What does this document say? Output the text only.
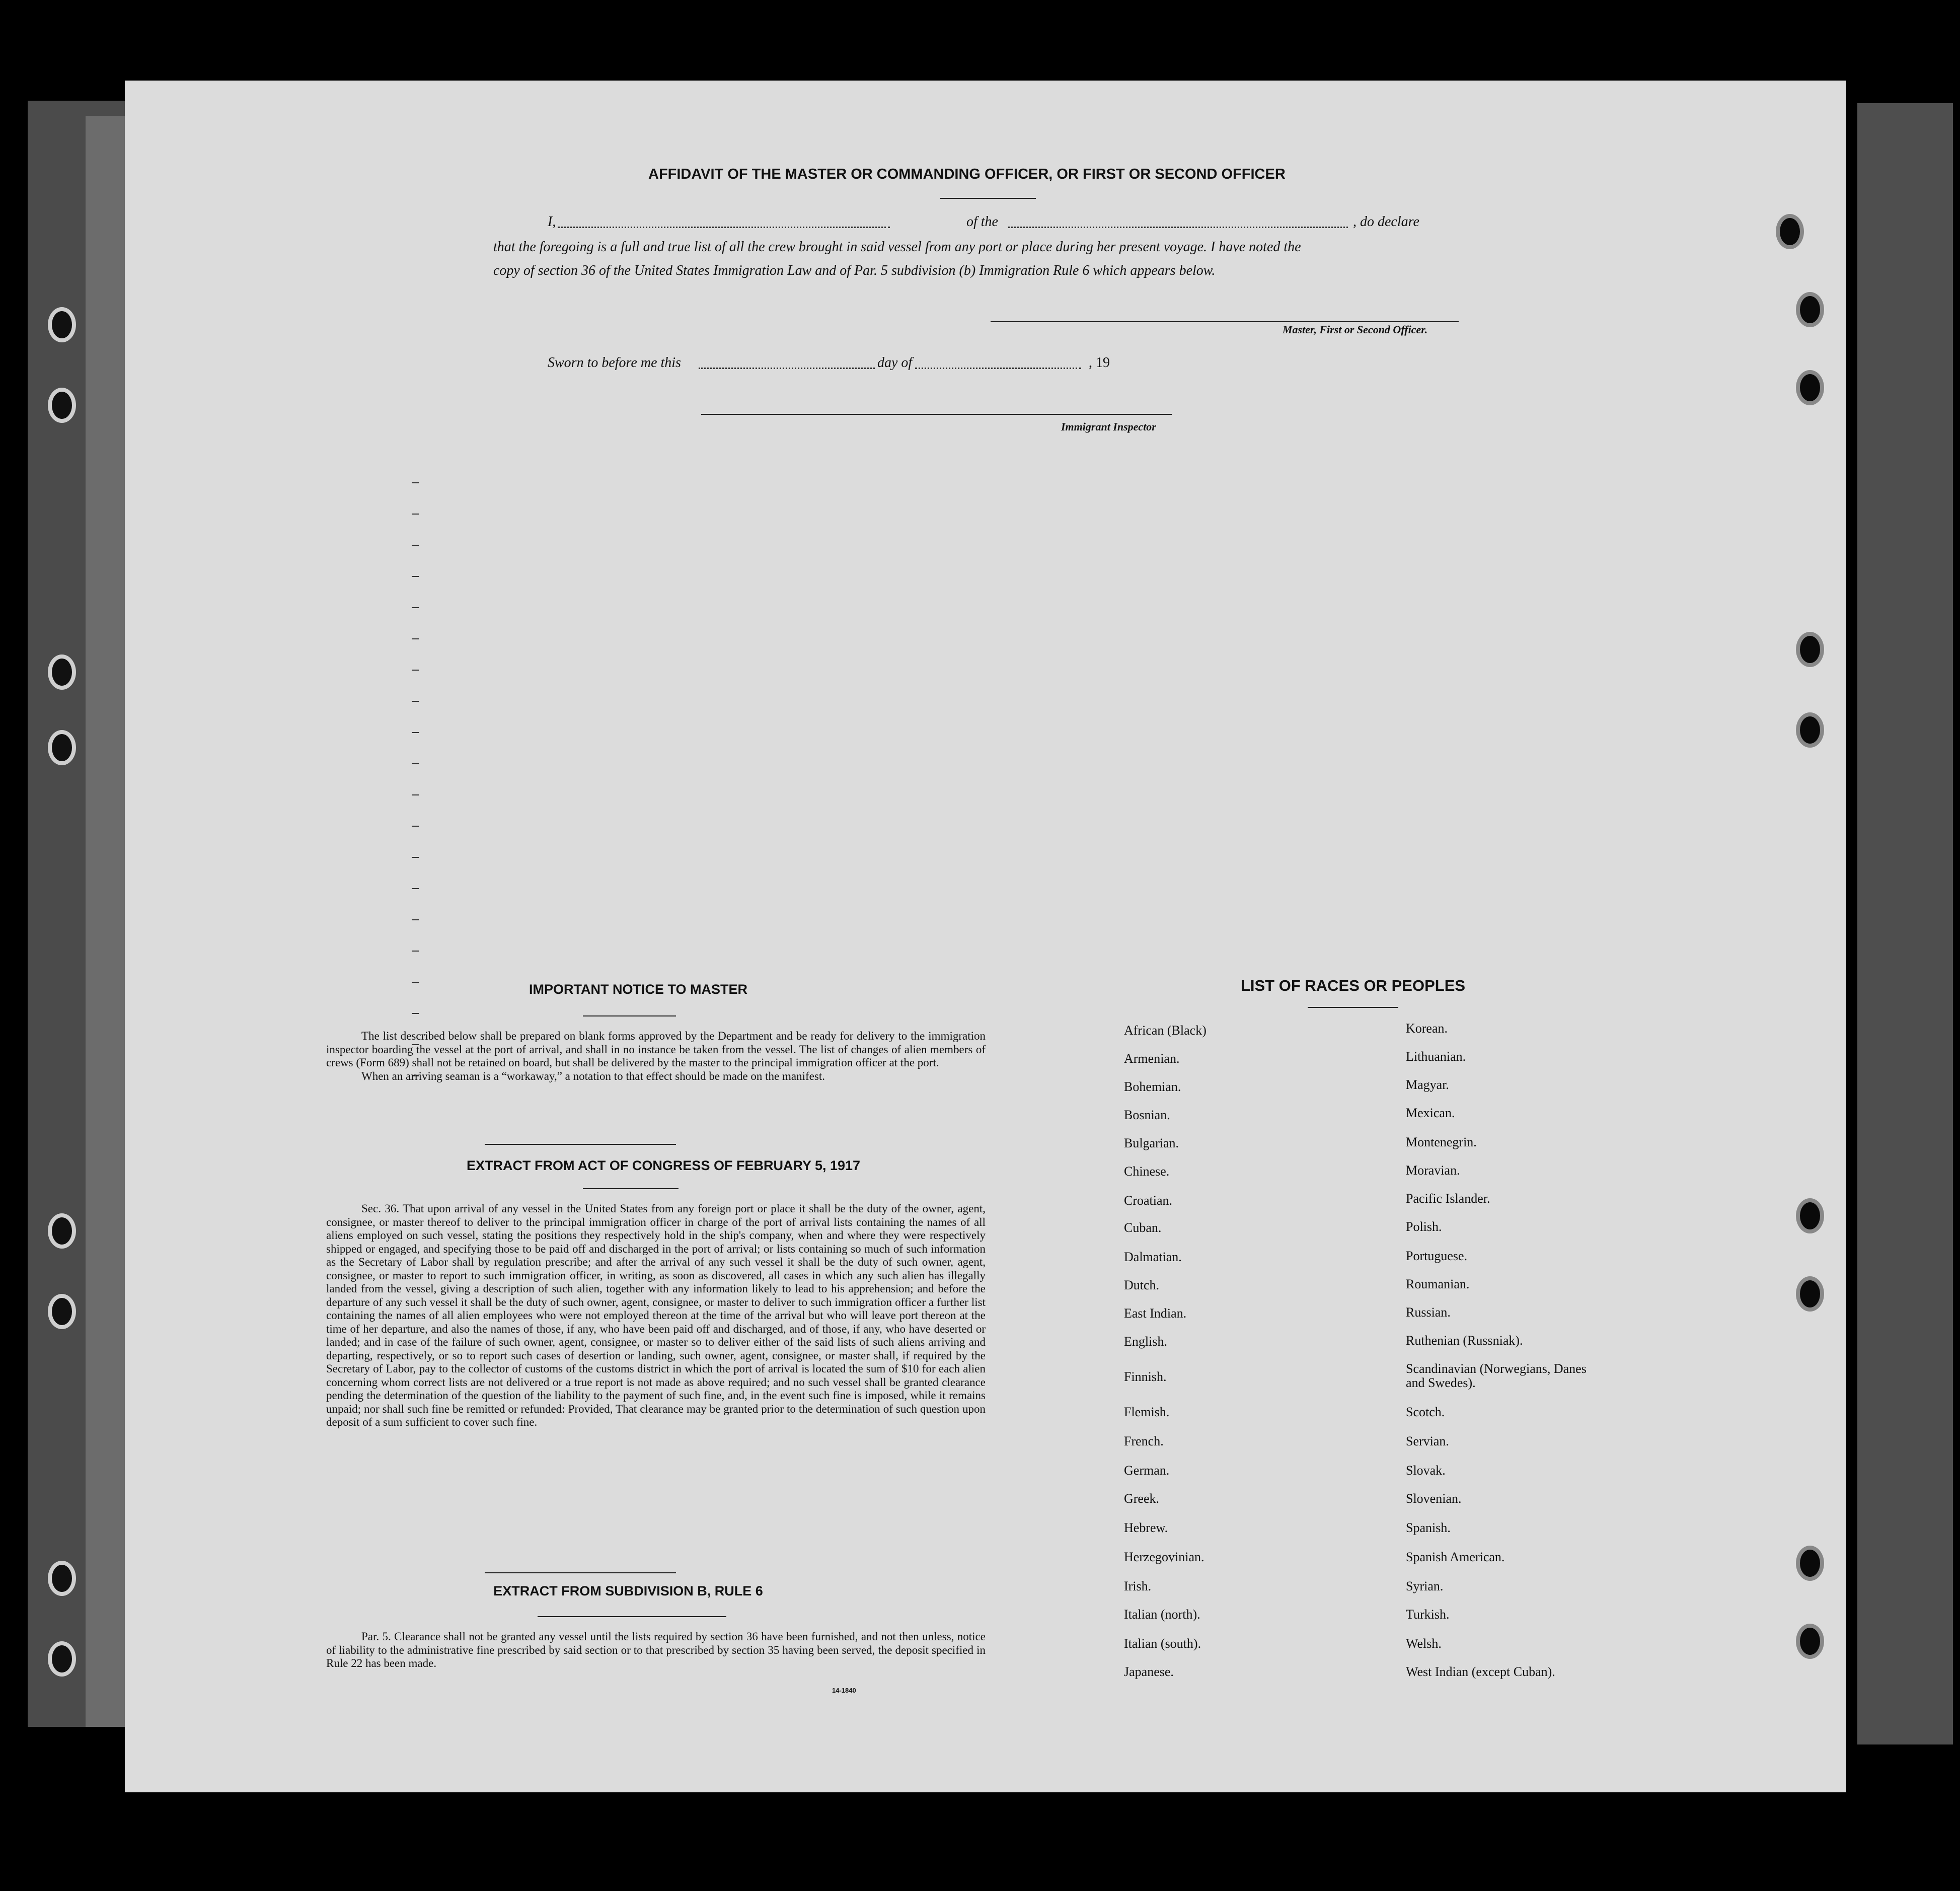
AFFIDAVIT OF THE MASTER OR COMMANDING OFFICER, OR FIRST OR SECOND OFFICER
I,	of the	, do declare
that the foregoing is a full and true list of all the crew brought in said vessel from any port or place during her present voyage. I have noted the
copy of section 36 of the United States Immigration Law and of Par. 5 subdivision (b) Immigration Rule 6 which appears below.
Master, First or Second Officer.
Sworn to before me this	day of	, 19
Immigrant Inspector
IMPORTANT NOTICE TO MASTER

The list described below shall be prepared on blank forms approved by the Department and be ready for delivery to the immigration inspector boarding the vessel at the port of arrival, and shall in no instance be taken from the vessel. The list of changes of alien members of crews (Form 689) shall not be retained on board, but shall be delivered by the master to the principal immigration officer at the port.

When an arriving seaman is a “workaway,” a notation to that effect should be made on the manifest.

EXTRACT FROM ACT OF CONGRESS OF FEBRUARY 5, 1917

Sec. 36. That upon arrival of any vessel in the United States from any foreign port or place it shall be the duty of the owner, agent, consignee, or master thereof to deliver to the principal immigration officer in charge of the port of arrival lists containing the names of all aliens employed on such vessel, stating the positions they respectively hold in the ship's company, when and where they were respectively shipped or engaged, and specifying those to be paid off and discharged in the port of arrival; or lists containing so much of such information as the Secretary of Labor shall by regulation prescribe; and after the arrival of any such vessel it shall be the duty of such owner, agent, consignee, or master to report to such immigration officer, in writing, as soon as discovered, all cases in which any such alien has illegally landed from the vessel, giving a description of such alien, together with any information likely to lead to his apprehension; and before the departure of any such vessel it shall be the duty of such owner, agent, consignee, or master to deliver to such immigration officer a further list containing the names of all alien employees who were not employed thereon at the time of the arrival but who will leave port thereon at the time of her departure, and also the names of those, if any, who have been paid off and discharged, and of those, if any, who have deserted or landed; and in case of the failure of such owner, agent, consignee, or master so to deliver either of the said lists of such aliens arriving and departing, respectively, or so to report such cases of desertion or landing, such owner, agent, consignee, or master shall, if required by the Secretary of Labor, pay to the collector of customs of the customs district in which the port of arrival is located the sum of $10 for each alien concerning whom correct lists are not delivered or a true report is not made as above required; and no such vessel shall be granted clearance pending the determination of the question of the liability to the payment of such fine, and, in the event such fine is imposed, while it remains unpaid; nor shall such fine be remitted or refunded: Provided, That clearance may be granted prior to the determination of such question upon deposit of a sum sufficient to cover such fine.

EXTRACT FROM SUBDIVISION B, RULE 6

Par. 5. Clearance shall not be granted any vessel until the lists required by section 36 have been furnished, and not then unless, notice of liability to the administrative fine prescribed by said section or to that prescribed by section 35 having been served, the deposit specified in Rule 22 has been made.

14-1840
LIST OF RACES OR PEOPLES
African (Black)
Armenian.
Bohemian.
Bosnian.
Bulgarian.
Chinese.
Croatian.
Cuban.
Dalmatian.
Dutch.
East Indian.
English.
Finnish.
Flemish.
French.
German.
Greek.
Hebrew.
Herzegovinian.
Irish.
Italian (north).
Italian (south).
Japanese.
Korean.
Lithuanian.
Magyar.
Mexican.
Montenegrin.
Moravian.
Pacific Islander.
Polish.
Portuguese.
Roumanian.
Russian.
Ruthenian (Russniak).
Scandinavian (Norwegians, Danes and Swedes).
Scotch.
Servian.
Slovak.
Slovenian.
Spanish.
Spanish American.
Syrian.
Turkish.
Welsh.
West Indian (except Cuban).
